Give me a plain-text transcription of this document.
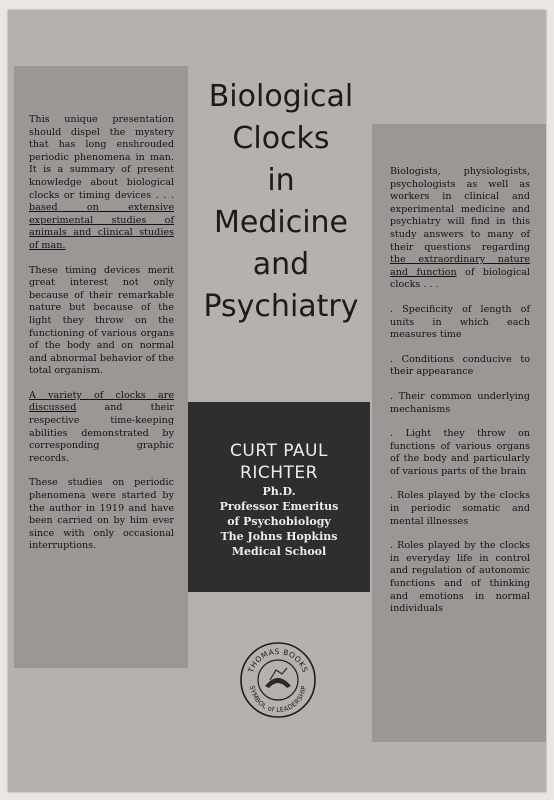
Biological
Clocks
in
Medicine
and
Psychiatry

This unique presentation should dispel the mystery that has long enshrouded periodic phenomena in man. It is a summary of present knowledge about biological clocks or timing devices . . . based on extensive experimental studies of animals and clinical studies of man.

These timing devices merit great interest not only because of their remarkable nature but because of the light they throw on the functioning of various organs of the body and on normal and abnormal behavior of the total organism.

A variety of clocks are discussed and their respective time-keeping abilities demonstrated by corresponding graphic records.

These studies on periodic phenomena were started by the author in 1919 and have been carried on by him ever since with only occasional interruptions.

Biologists, physiologists, psychologists as well as workers in clinical and experimental medicine and psychiatry will find in this study answers to many of their questions regarding the extraordinary nature and function of biological clocks . . .

. Specificity of length of units in which each measures time

. Conditions conducive to their appearance

. Their common underlying mechanisms

. Light they throw on functions of various organs of the body and particularly of various parts of the brain

. Roles played by the clocks in periodic somatic and mental illnesses

. Roles played by the clocks in everyday life in control and regulation of autonomic functions and of thinking and emotions in normal individuals

CURT PAUL
RICHTER
Ph.D.
Professor Emeritus
of Psychobiology
The Johns Hopkins
Medical School
THOMAS BOOKS
SYMBOL of LEADERSHIP
